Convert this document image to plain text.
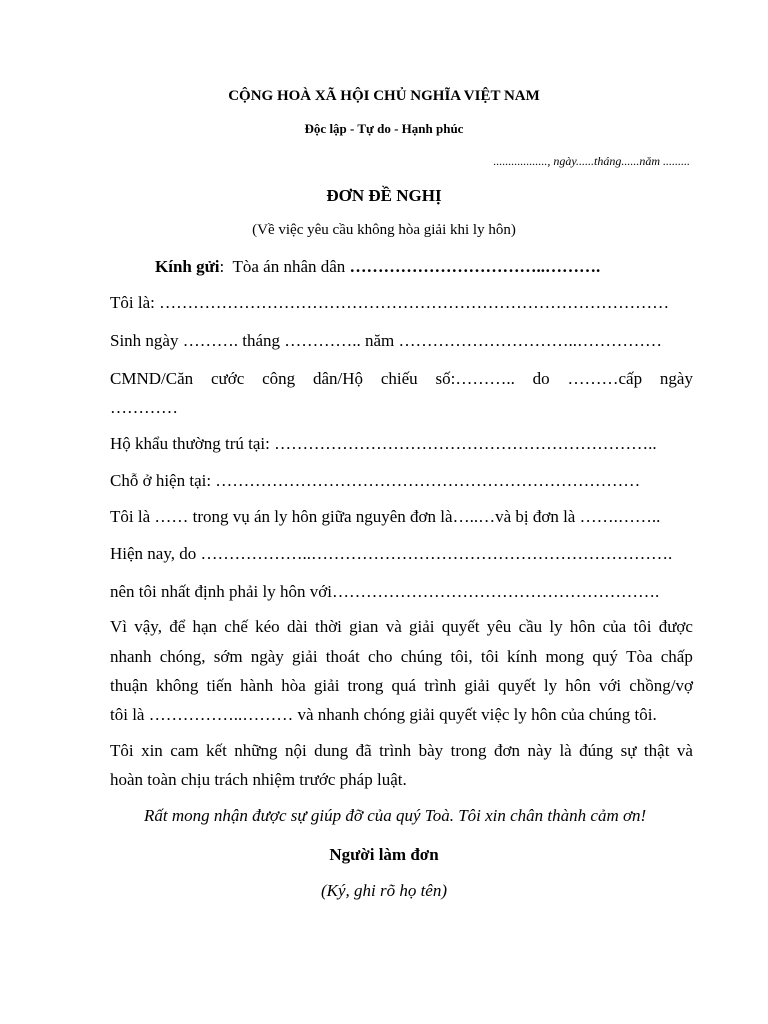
CỘNG HOÀ XÃ HỘI CHỦ NGHĨA VIỆT NAM
Độc lập - Tự do - Hạnh phúc
.................., ngày......tháng......năm .........
ĐƠN ĐỀ NGHỊ
(Về việc yêu cầu không hòa giải khi ly hôn)
Kính gửi: Tòa án nhân dân ……………………………..……….
Tôi là: ………………………………………………………………………………
Sinh ngày ………. tháng ………….. năm …………………………..……………
CMND/Căn cước công dân/Hộ chiếu số:……….. do ………cấp ngày
…………
Hộ khẩu thường trú tại: …………………………………………………………..
Chỗ ở hiện tại: …………………………………………………………………
Tôi là …… trong vụ án ly hôn giữa nguyên đơn là…..…và bị đơn là …….……..
Hiện nay, do ………………..……………………………………………………….
nên tôi nhất định phải ly hôn với………………………………………………….
Vì vậy, để hạn chế kéo dài thời gian và giải quyết yêu cầu ly hôn của tôi được
nhanh chóng, sớm ngày giải thoát cho chúng tôi, tôi kính mong quý Tòa chấp
thuận không tiến hành hòa giải trong quá trình giải quyết ly hôn với chồng/vợ
tôi là ……………..……… và nhanh chóng giải quyết việc ly hôn của chúng tôi.
Tôi xin cam kết những nội dung đã trình bày trong đơn này là đúng sự thật và
hoàn toàn chịu trách nhiệm trước pháp luật.
Rất mong nhận được sự giúp đỡ của quý Toà. Tôi xin chân thành cảm ơn!
Người làm đơn
(Ký, ghi rõ họ tên)
